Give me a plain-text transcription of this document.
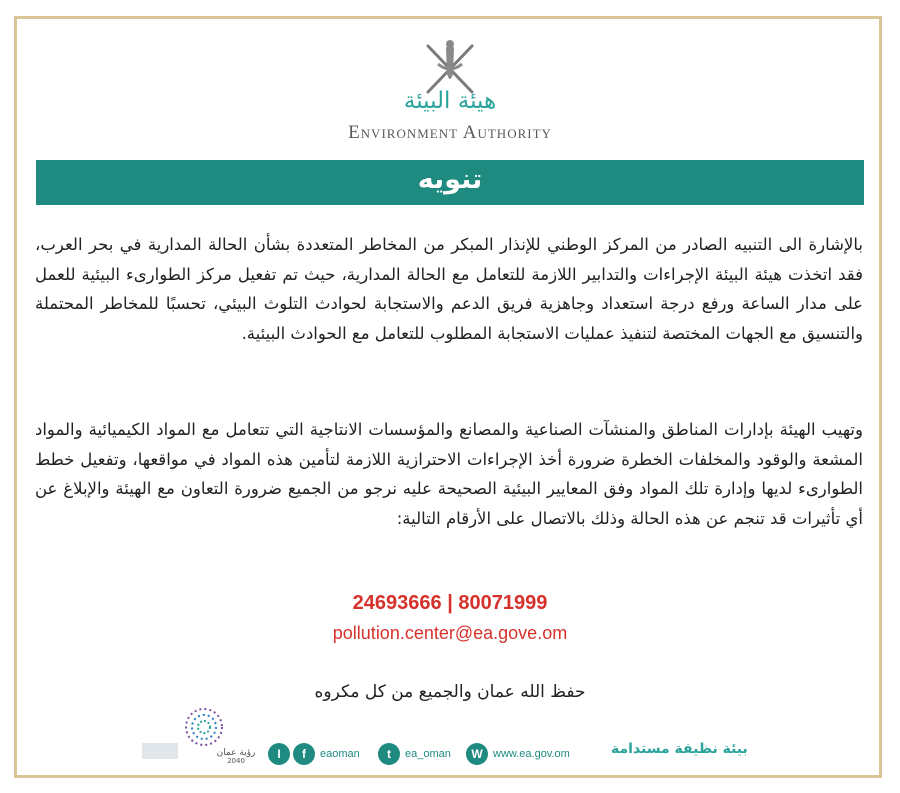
هيئة البيئة
Environment Authority
تنويه
بالإشارة الى التنبيه الصادر من المركز الوطني للإنذار المبكر من المخاطر المتعددة بشأن الحالة المدارية في بحر العرب، فقد اتخذت هيئة البيئة الإجراءات والتدابير اللازمة للتعامل مع الحالة المدارية، حيث تم تفعيل مركز الطوارىء البيئية للعمل على مدار الساعة ورفع درجة استعداد وجاهزية فريق الدعم والاستجابة لحوادث التلوث البيئي، تحسبًا للمخاطر المحتملة والتنسيق مع الجهات المختصة لتنفيذ عمليات الاستجابة المطلوب للتعامل مع الحوادث البيئية.
وتهيب الهيئة بإدارات المناطق والمنشآت الصناعية والمصانع والمؤسسات الانتاجية التي تتعامل مع المواد الكيميائية والمواد المشعة والوقود والمخلفات الخطرة ضرورة أخذ الإجراءات الاحترازية اللازمة لتأمين هذه المواد في مواقعها، وتفعيل خطط الطوارىء لديها وإدارة تلك المواد وفق المعايير البيئية الصحيحة عليه نرجو من الجميع ضرورة التعاون مع الهيئة والإبلاغ عن أي تأثيرات قد تنجم عن هذه الحالة وذلك بالاتصال على الأرقام التالية:
24693666 | 80071999
pollution.center@ea.gove.om
حفظ الله عمان والجميع من كل مكروه
رؤية عمان
2040	I	f	eaoman	t	ea_oman	W www.ea.gov.om	بيئة نظيفة مستدامة
